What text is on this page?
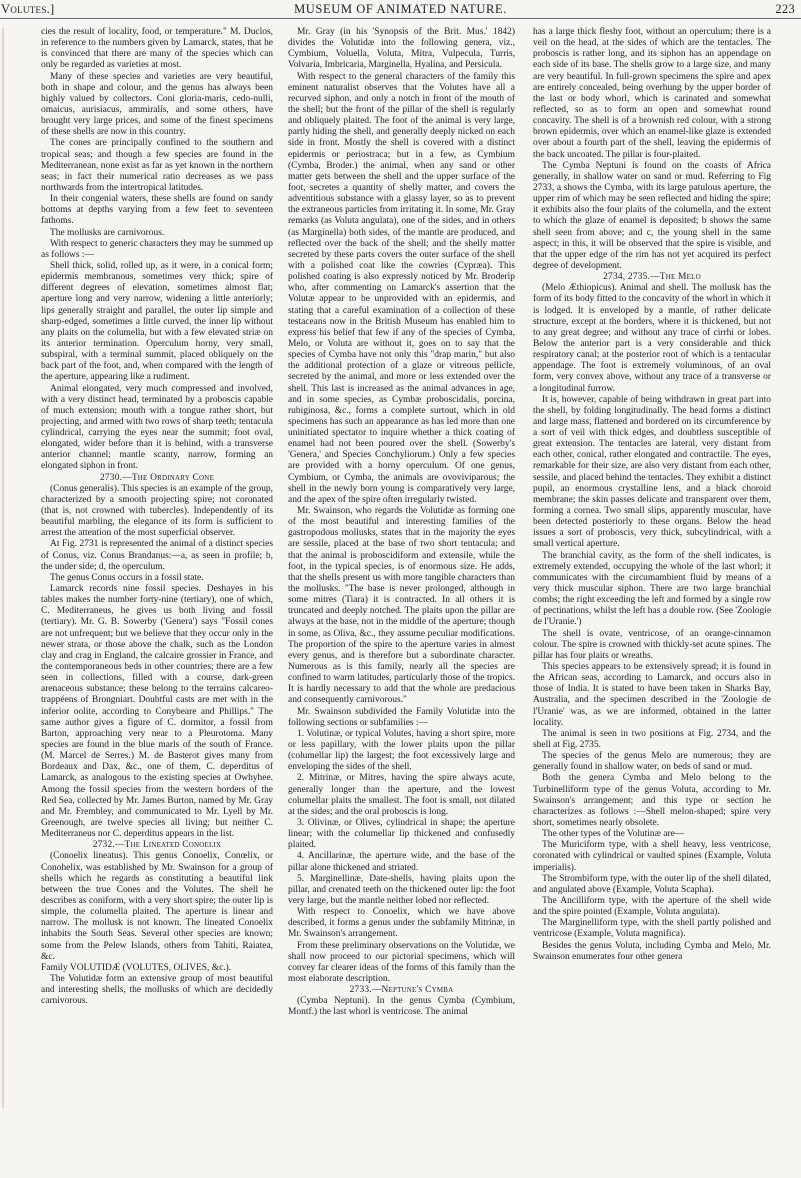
Volutes.]	MUSEUM OF ANIMATED NATURE.	223

cies the result of locality, food, or temperature." M. Duclos, in reference to the numbers given by Lamarck, states, that he is convinced that there are many of the species which can only be regarded as varieties at most.

Many of these species and varieties are very beautiful, both in shape and colour, and the genus has always been highly valued by collectors. Coni gloria-maris, cedo-nulli, omaicus, aurisiacus, ammiralis, and some others, have brought very large prices, and some of the finest specimens of these shells are now in this country.

The cones are principally confined to the southern and tropical seas; and though a few species are found in the Mediterranean, none exist as far as yet known in the northern seas; in fact their numerical ratio decreases as we pass northwards from the intertropical latitudes.

In their congenial waters, these shells are found on sandy bottoms at depths varying from a few feet to seventeen fathoms.

The mollusks are carnivorous.

With respect to generic characters they may be summed up as follows :—

Shell thick, solid, rolled up, as it were, in a conical form; epidermis membranous, sometimes very thick; spire of different degrees of elevation, sometimes almost flat; aperture long and very narrow, widening a little anteriorly; lips generally straight and parallel, the outer lip simple and sharp-edged, sometimes a little curved, the inner lip without any plaits on the columella, but with a few elevated striæ on its anterior termination. Operculum horny, very small, subspiral, with a terminal summit, placed obliquely on the back part of the foot, and, when compared with the length of the aperture, appearing like a rudiment.

Animal elongated, very much compressed and involved, with a very distinct head, terminated by a proboscis capable of much extension; mouth with a tongue rather short, but projecting, and armed with two rows of sharp teeth; tentacula cylindrical, carrying the eyes near the summit; foot oval, elongated, wider before than it is behind, with a transverse anterior channel; mantle scanty, narrow, forming an elongated siphon in front.

2730.—The Ordinary Cone

(Conus generalis). This species is an example of the group, characterized by a smooth projecting spire; not coronated (that is, not crowned with tubercles). Independently of its beautiful marbling, the elegance of its form is sufficient to arrest the attention of the most superficial observer.

At Fig. 2731 is represented the animal of a distinct species of Conus, viz. Conus Brandanus:—a, as seen in profile; b, the under side; d, the operculum.

The genus Conus occurs in a fossil state.

Lamarck records nine fossil species. Deshayes in his tables makes the number forty-nine (tertiary), one of which, C. Mediterraneus, he gives us both living and fossil (tertiary). Mr. G. B. Sowerby ('Genera') says "Fossil cones are not unfrequent; but we believe that they occur only in the newer strata, or those above the chalk, such as the London clay and crag in England, the calcaire grossier in France, and the contemporaneous beds in other countries; there are a few seen in collections, filled with a course, dark-green arenaceous substance; these belong to the terrains calcareo-trappéens of Brongniart. Doubtful casts are met with in the inferior oolite, according to Conybeare and Phillips." The same author gives a figure of C. dormitor, a fossil from Barton, approaching very near to a Pleurotoma. Many species are found in the blue marls of the south of France. (M. Marcel de Serres.) M. de Basterot gives many from Bordeaux and Dax, &c., one of them, C. deperditus of Lamarck, as analogous to the existing species at Owhyhee. Among the fossil species from the western borders of the Red Sea, collected by Mr. James Burton, named by Mr. Gray and Mr. Frembley, and communicated to Mr. Lyell by Mr. Greenough, are twelve species all living; but neither C. Mediterraneus nor C. deperditus appears in the list.

2732.—The Lineated Conoelix

(Conoelix lineatus). This genus Conoelix, Conœlix, or Conohelix, was established by Mr. Swainson for a group of shells which he regards as constituting a beautiful link between the true Cones and the Volutes. The shell he describes as coniform, with a very short spire; the outer lip is simple, the columella plaited. The aperture is linear and narrow. The mollusk is not known. The lineated Conoelix inhabits the South Seas. Several other species are known; some from the Pelew Islands, others from Tahiti, Raiatea, &c.

Family VOLUTIDÆ (VOLUTES, OLIVES, &c.).

The Volutidæ form an extensive group of most beautiful and interesting shells, the mollusks of which are decidedly carnivorous.

Mr. Gray (in his 'Synopsis of the Brit. Mus.' 1842) divides the Volutidæ into the following genera, viz., Cymbium, Voluella, Voluta, Mitra, Vulpecula, Turris, Volvaria, Imbricaria, Marginella, Hyalina, and Persicula.

With respect to the general characters of the family this eminent naturalist observes that the Volutes have all a recurved siphon, and only a notch in front of the mouth of the shell; but the front of the pillar of the shell is regularly and obliquely plaited. The foot of the animal is very large, partly hiding the shell, and generally deeply nicked on each side in front. Mostly the shell is covered with a distinct epidermis or periostraca; but in a few, as Cymbium (Cymba, Broder.) the animal, when any sand or other matter gets between the shell and the upper surface of the foot, secretes a quantity of shelly matter, and covers the adventitious substance with a glassy layer, so as to prevent the extraneous particles from irritating it. In some, Mr. Gray remarks (as Voluta angulata), one of the sides, and in others (as Marginella) both sides, of the mantle are produced, and reflected over the back of the shell; and the shelly matter secreted by these parts covers the outer surface of the shell with a polished coat like the cowries (Cypræa). This polished coating is also expressly noticed by Mr. Broderip who, after commenting on Lamarck's assertion that the Volutæ appear to be unprovided with an epidermis, and stating that a careful examination of a collection of these testaceans now in the British Museum has enabled him to express his belief that few if any of the species of Cymba, Melo, or Voluta are without it, goes on to say that the species of Cymba have not only this "drap marin," but also the additional protection of a glaze or vitreous pellicle, secreted by the animal, and more or less extended over the shell. This last is increased as the animal advances in age, and in some species, as Cymbæ proboscidalis, porcina, rubiginosa, &c., forms a complete surtout, which in old specimens has such an appearance as has led more than one uninitiated spectator to inquire whether a thick coating of enamel had not been poured over the shell. (Sowerby's 'Genera,' and Species Conchyliorum.) Only a few species are provided with a horny operculum. Of one genus, Cymbium, or Cymba, the animals are ovoviviparous; the shell in the newly born young is comparatively very large, and the apex of the spire often irregularly twisted.

Mr. Swainson, who regards the Volutidæ as forming one of the most beautiful and interesting families of the gastropodous mollusks, states that in the majority the eyes are sessile, placed at the base of two short tentacula; and that the animal is proboscidiform and extensile, while the foot, in the typical species, is of enormous size. He adds, that the shells present us with more tangible characters than the mollusks. "The base is never prolonged, although in some mitres (Tiara) it is contracted. In all others it is truncated and deeply notched. The plaits upon the pillar are always at the base, not in the middle of the aperture; though in some, as Oliva, &c., they assume peculiar modifications. The proportion of the spire to the aperture varies in almost every genus, and is therefore but a subordinate character. Numerous as is this family, nearly all the species are confined to warm latitudes, particularly those of the tropics. It is hardly necessary to add that the whole are predacious and consequently carnivorous."

Mr. Swainson subdivided the Family Volutidæ into the following sections or subfamilies :—

1. Volutinæ, or typical Volutes, having a short spire, more or less papillary, with the lower plaits upon the pillar (columellar lip) the largest; the foot excessively large and enveloping the sides of the shell.

2. Mitrinæ, or Mitres, having the spire always acute, generally longer than the aperture, and the lowest columellar plaits the smallest. The foot is small, not dilated at the sides; and the oral proboscis is long.

3. Olivinæ, or Olives, cylindrical in shape; the aperture linear; with the columellar lip thickened and confusedly plaited.

4. Ancillarinæ, the aperture wide, and the base of the pillar alone thickened and striated.

5. Marginellinæ, Date-shells, having plaits upon the pillar, and crenated teeth on the thickened outer lip: the foot very large, but the mantle neither lobed nor reflected.

With respect to Conoelix, which we have above described, it forms a genus under the subfamily Mitrinæ, in Mr. Swainson's arrangement.

From these preliminary observations on the Volutidæ, we shall now proceed to our pictorial specimens, which will convey far clearer ideas of the forms of this family than the most elaborate description.

2733.—Neptune's Cymba

(Cymba Neptuni). In the genus Cymba (Cymbium, Montf.) the last whorl is ventricose. The animal

has a large thick fleshy foot, without an operculum; there is a veil on the head, at the sides of which are the tentacles. The proboscis is rather long, and its siphon has an appendage on each side of its base. The shells grow to a large size, and many are very beautiful. In full-grown specimens the spire and apex are entirely concealed, being overhung by the upper border of the last or body whorl, which is carinated and somewhat reflected, so as to form an open and somewhat round concavity. The shell is of a brownish red colour, with a strong brown epidermis, over which an enamel-like glaze is extended over about a fourth part of the shell, leaving the epidermis of the back uncoated. The pillar is four-plaited.

The Cymba Neptuni is found on the coasts of Africa generally, in shallow water on sand or mud. Referring to Fig 2733, a shows the Cymba, with its large patulous aperture, the upper rim of which may be seen reflected and hiding the spire; it exhibits also the four plaits of the columella, and the extent to which the glaze of enamel is deposited; b shows the same shell seen from above; and c, the young shell in the same aspect; in this, it will be observed that the spire is visible, and that the upper edge of the rim has not yet acquired its perfect degree of development.

2734, 2735.—The Melo

(Melo Æthiopicus). Animal and shell. The mollusk has the form of its body fitted to the concavity of the whorl in which it is lodged. It is enveloped by a mantle, of rather delicate structure, except at the borders, where it is thickened, but not to any great degree; and without any trace of cirrhi or lobes. Below the anterior part is a very considerable and thick respiratory canal; at the posterior root of which is a tentacular appendage. The foot is extremely voluminous, of an oval form, very convex above, without any trace of a transverse or a longitudinal furrow.

It is, however, capable of being withdrawn in great part into the shell, by folding longitudinally. The head forms a distinct and large mass, flattened and bordered on its circumference by a sort of veil with thick edges, and doubtless susceptible of great extension. The tentacles are lateral, very distant from each other, conical, rather elongated and contractile. The eyes, remarkable for their size, are also very distant from each other, sessile, and placed behind the tentacles. They exhibit a distinct pupil, an enormous crystalline lens, and a black choroid membrane; the skin passes delicate and transparent over them, forming a cornea. Two small slips, apparently muscular, have been detected posteriorly to these organs. Below the head issues a sort of proboscis, very thick, subcylindrical, with a small vertical aperture.

The branchial cavity, as the form of the shell indicates, is extremely extended, occupying the whole of the last whorl; it communicates with the circumambient fluid by means of a very thick muscular siphon. There are two large branchial combs; the right exceeding the left and formed by a single row of pectinations, whilst the left has a double row. (See 'Zoologie de l'Uranie.')

The shell is ovate, ventricose, of an orange-cinnamon colour. The spire is crowned with thickly-set acute spines. The pillar has four plaits or wreaths.

This species appears to be extensively spread; it is found in the African seas, according to Lamarck, and occurs also in those of India. It is stated to have been taken in Sharks Bay, Australia, and the specimen described in the 'Zoologie de l'Uranie' was, as we are informed, obtained in the latter locality.

The animal is seen in two positions at Fig. 2734, and the shell at Fig. 2735.

The species of the genus Melo are numerous; they are generally found in shallow water, on beds of sand or mud.

Both the genera Cymba and Melo belong to the Turbinelliform type of the genus Voluta, according to Mr. Swainson's arrangement; and this type or section he characterizes as follows :—Shell melon-shaped; spire very short, sometimes nearly obsolete.

The other types of the Volutinæ are—

The Muriciform type, with a shell heavy, less ventricose, coronated with cylindrical or vaulted spines (Example, Voluta imperialis).

The Strombiform type, with the outer lip of the shell dilated, and angulated above (Example, Voluta Scapha).

The Ancilliform type, with the aperture of the shell wide and the spire pointed (Example, Voluta angulata).

The Marginelliform type, with the shell partly polished and ventricose (Example, Voluta magnifica).

Besides the genus Voluta, including Cymba and Melo, Mr. Swainson enumerates four other genera
